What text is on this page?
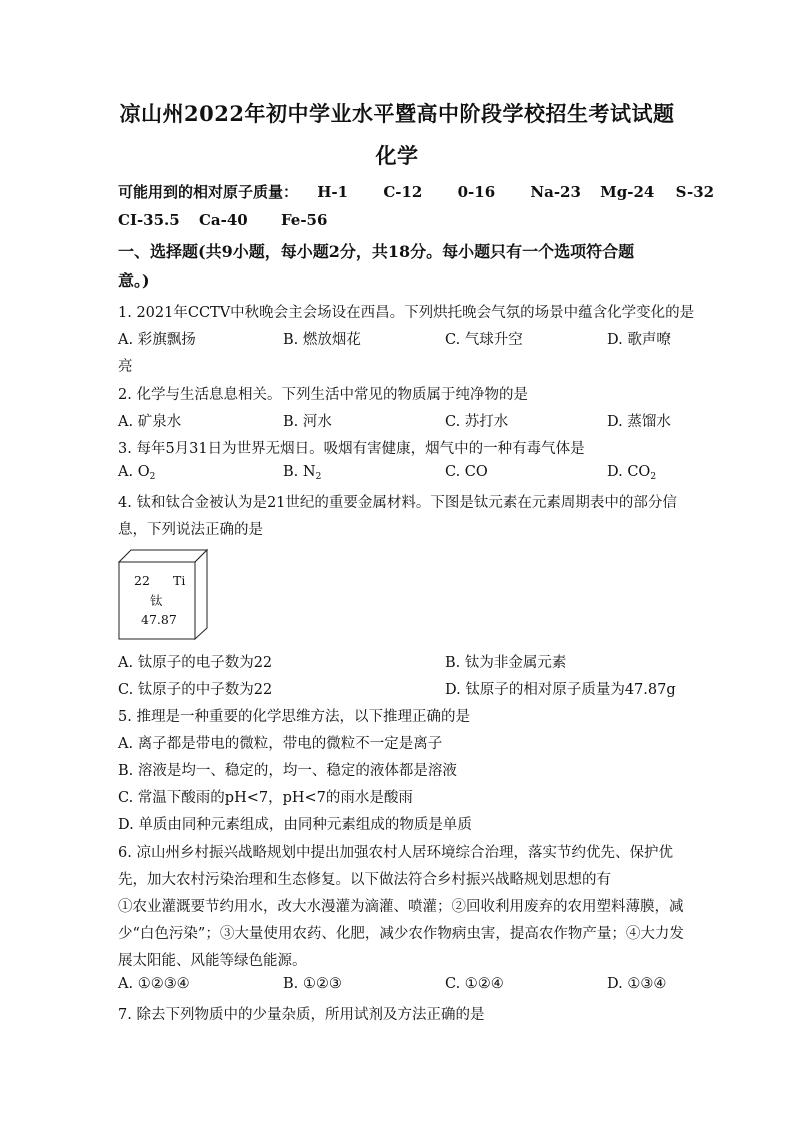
凉山州2022年初中学业水平暨高中阶段学校招生考试试题
化学
可能用到的相对原子质量： H-1 C-12 0-16 Na-23 Mg-24 S-32
CI-35.5 Ca-40 Fe-56
一、选择题(共9小题，每小题2分，共18分。每小题只有一个选项符合题
意。)
1. 2021年CCTV中秋晚会主会场设在西昌。下列烘托晚会气氛的场景中蕴含化学变化的是
A. 彩旗飘扬	B. 燃放烟花	C. 气球升空	D. 歌声嘹
亮
2. 化学与生活息息相关。下列生活中常见的物质属于纯净物的是
A. 矿泉水	B. 河水	C. 苏打水	D. 蒸馏水
3. 每年5月31日为世界无烟日。吸烟有害健康，烟气中的一种有毒气体是
A. $O_2$	B. $N_2$	C. CO	D. $CO_2$
4. 钛和钛合金被认为是21世纪的重要金属材料。下图是钛元素在元素周期表中的部分信
息，下列说法正确的是
22 Ti
钛
47.87
A. 钛原子的电子数为22	B. 钛为非金属元素
C. 钛原子的中子数为22	D. 钛原子的相对原子质量为47.87g
5. 推理是一种重要的化学思维方法，以下推理正确的是
A. 离子都是带电的微粒，带电的微粒不一定是离子
B. 溶液是均一、稳定的，均一、稳定的液体都是溶液
C. 常温下酸雨的pH<7，pH<7的雨水是酸雨
D. 单质由同种元素组成，由同种元素组成的物质是单质
6. 凉山州乡村振兴战略规划中提出加强农村人居环境综合治理，落实节约优先、保护优
先，加大农村污染治理和生态修复。以下做法符合乡村振兴战略规划思想的有
①农业灌溉要节约用水，改大水漫灌为滴灌、喷灌；②回收利用废弃的农用塑料薄膜，减
少“白色污染”；③大量使用农药、化肥，减少农作物病虫害，提高农作物产量；④大力发
展太阳能、风能等绿色能源。
A. ①②③④	B. ①②③	C. ①②④	D. ①③④
7. 除去下列物质中的少量杂质，所用试剂及方法正确的是
